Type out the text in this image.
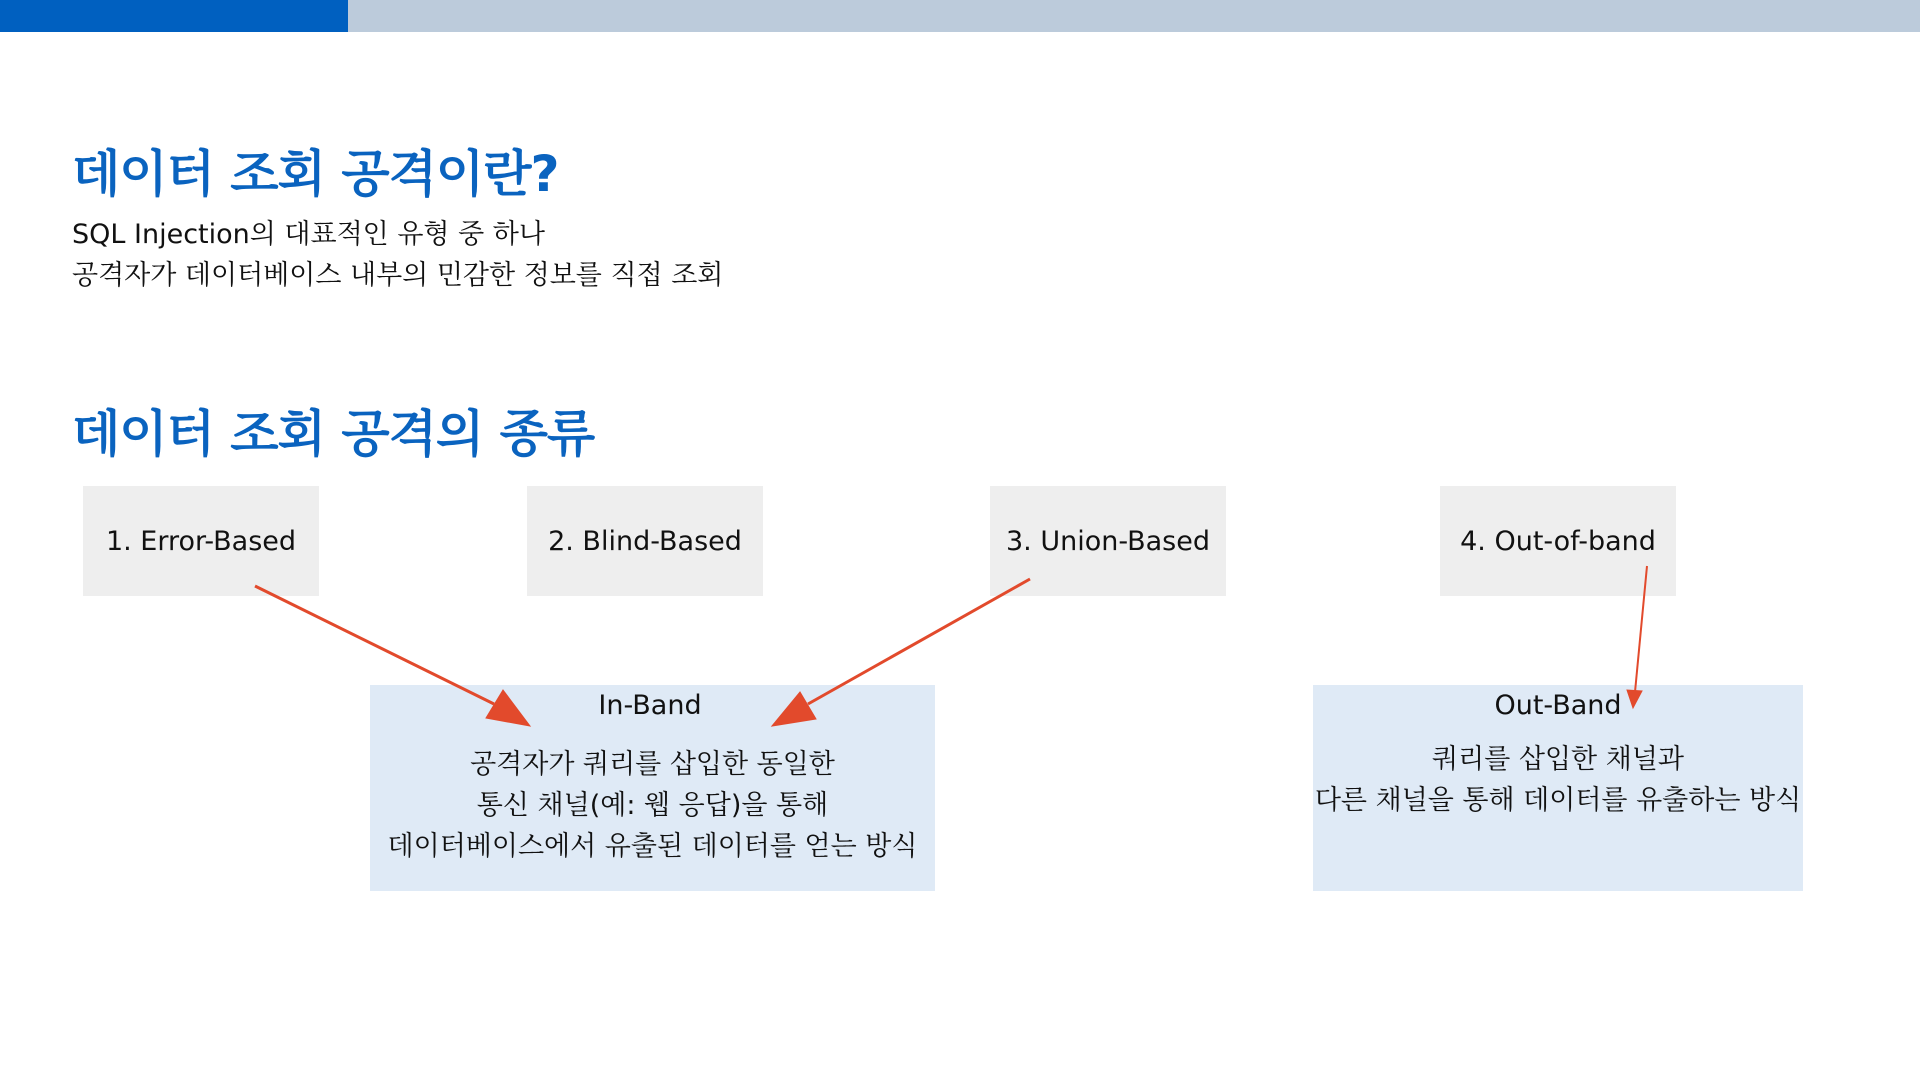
데이터 조회 공격이란?
SQL Injection의 대표적인 유형 중 하나
공격자가 데이터베이스 내부의 민감한 정보를 직접 조회
데이터 조회 공격의 종류
1. Error-Based	2. Blind-Based	3. Union-Based	4. Out-of-band
In-Band
공격자가 쿼리를 삽입한 동일한
통신 채널(예: 웹 응답)을 통해
데이터베이스에서 유출된 데이터를 얻는 방식
Out-Band
쿼리를 삽입한 채널과
다른 채널을 통해 데이터를 유출하는 방식
